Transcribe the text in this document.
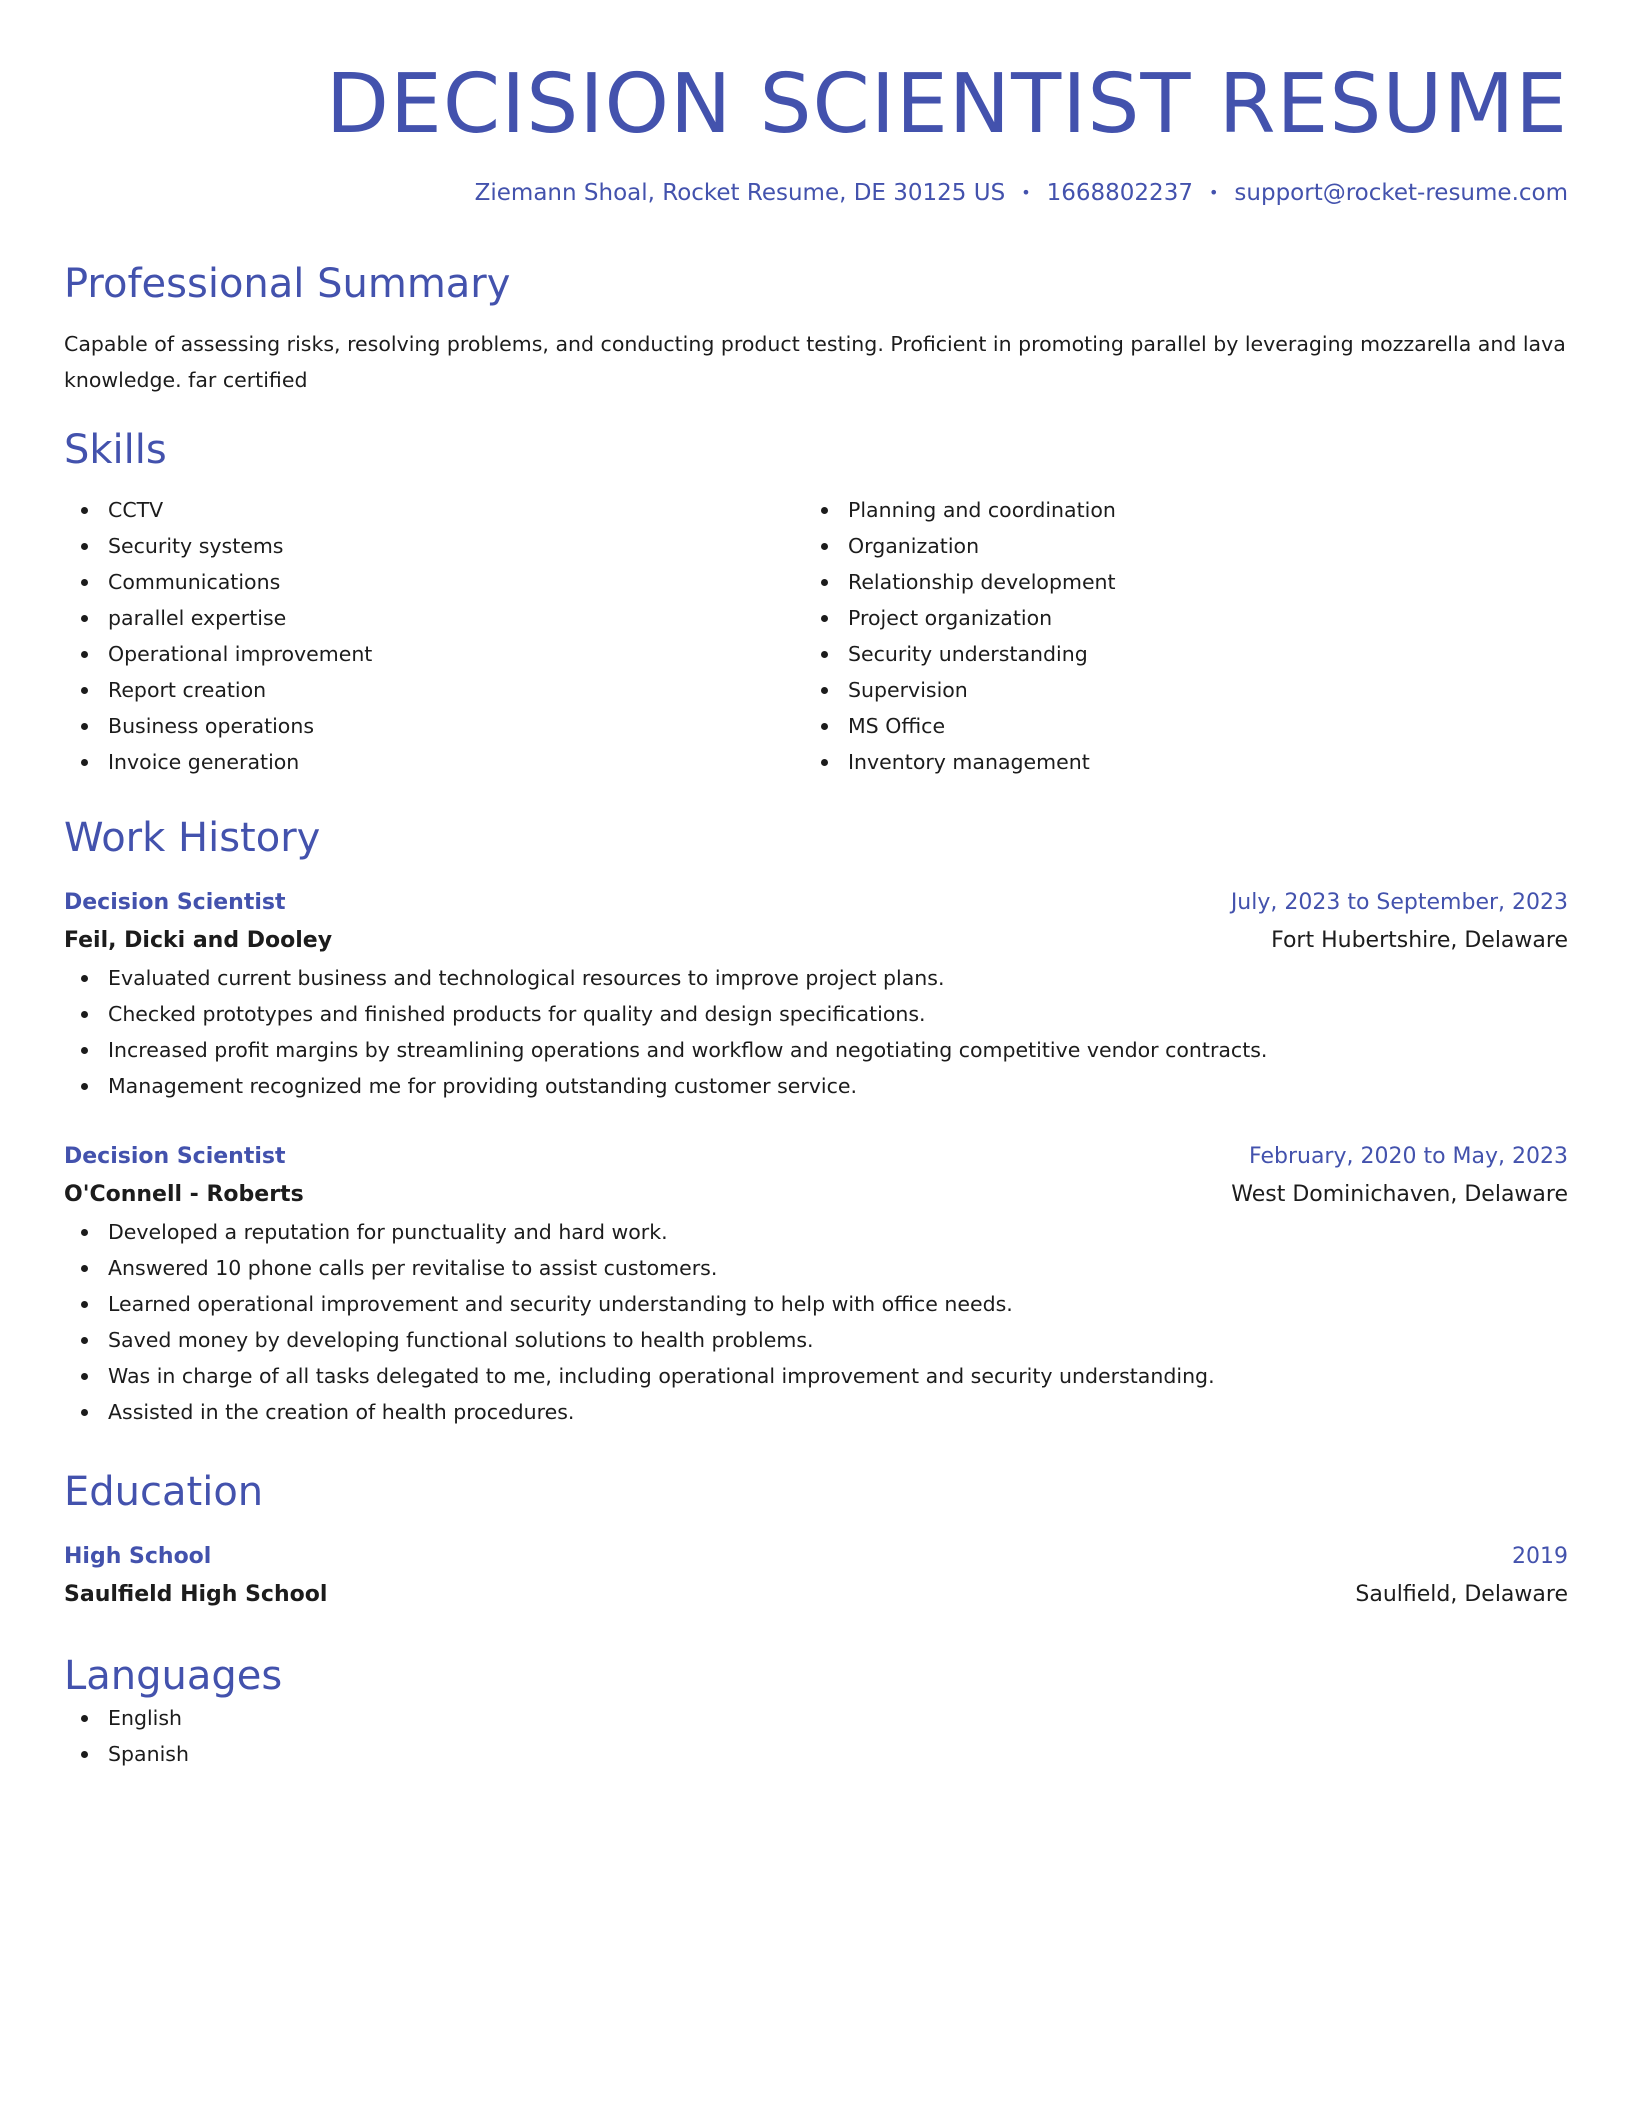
DECISION SCIENTIST RESUME
Ziemann Shoal, Rocket Resume, DE 30125 US • 1668802237 • support@rocket-resume.com
Professional Summary

Capable of assessing risks, resolving problems, and conducting product testing. Proficient in promoting parallel by leveraging mozzarella and lava knowledge. far certified

Skills
CCTV
Security systems
Communications
parallel expertise
Operational improvement
Report creation
Business operations
Invoice generation
Planning and coordination
Organization
Relationship development
Project organization
Security understanding
Supervision
MS Office
Inventory management
Work History
Decision Scientist	July, 2023 to September, 2023
Feil, Dicki and Dooley	Fort Hubertshire, Delaware
Evaluated current business and technological resources to improve project plans.
Checked prototypes and finished products for quality and design specifications.
Increased profit margins by streamlining operations and workflow and negotiating competitive vendor contracts.
Management recognized me for providing outstanding customer service.
Decision Scientist	February, 2020 to May, 2023
O'Connell - Roberts	West Dominichaven, Delaware
Developed a reputation for punctuality and hard work.
Answered 10 phone calls per revitalise to assist customers.
Learned operational improvement and security understanding to help with office needs.
Saved money by developing functional solutions to health problems.
Was in charge of all tasks delegated to me, including operational improvement and security understanding.
Assisted in the creation of health procedures.
Education
High School	2019
Saulfield High School	Saulfield, Delaware
Languages
English
Spanish
